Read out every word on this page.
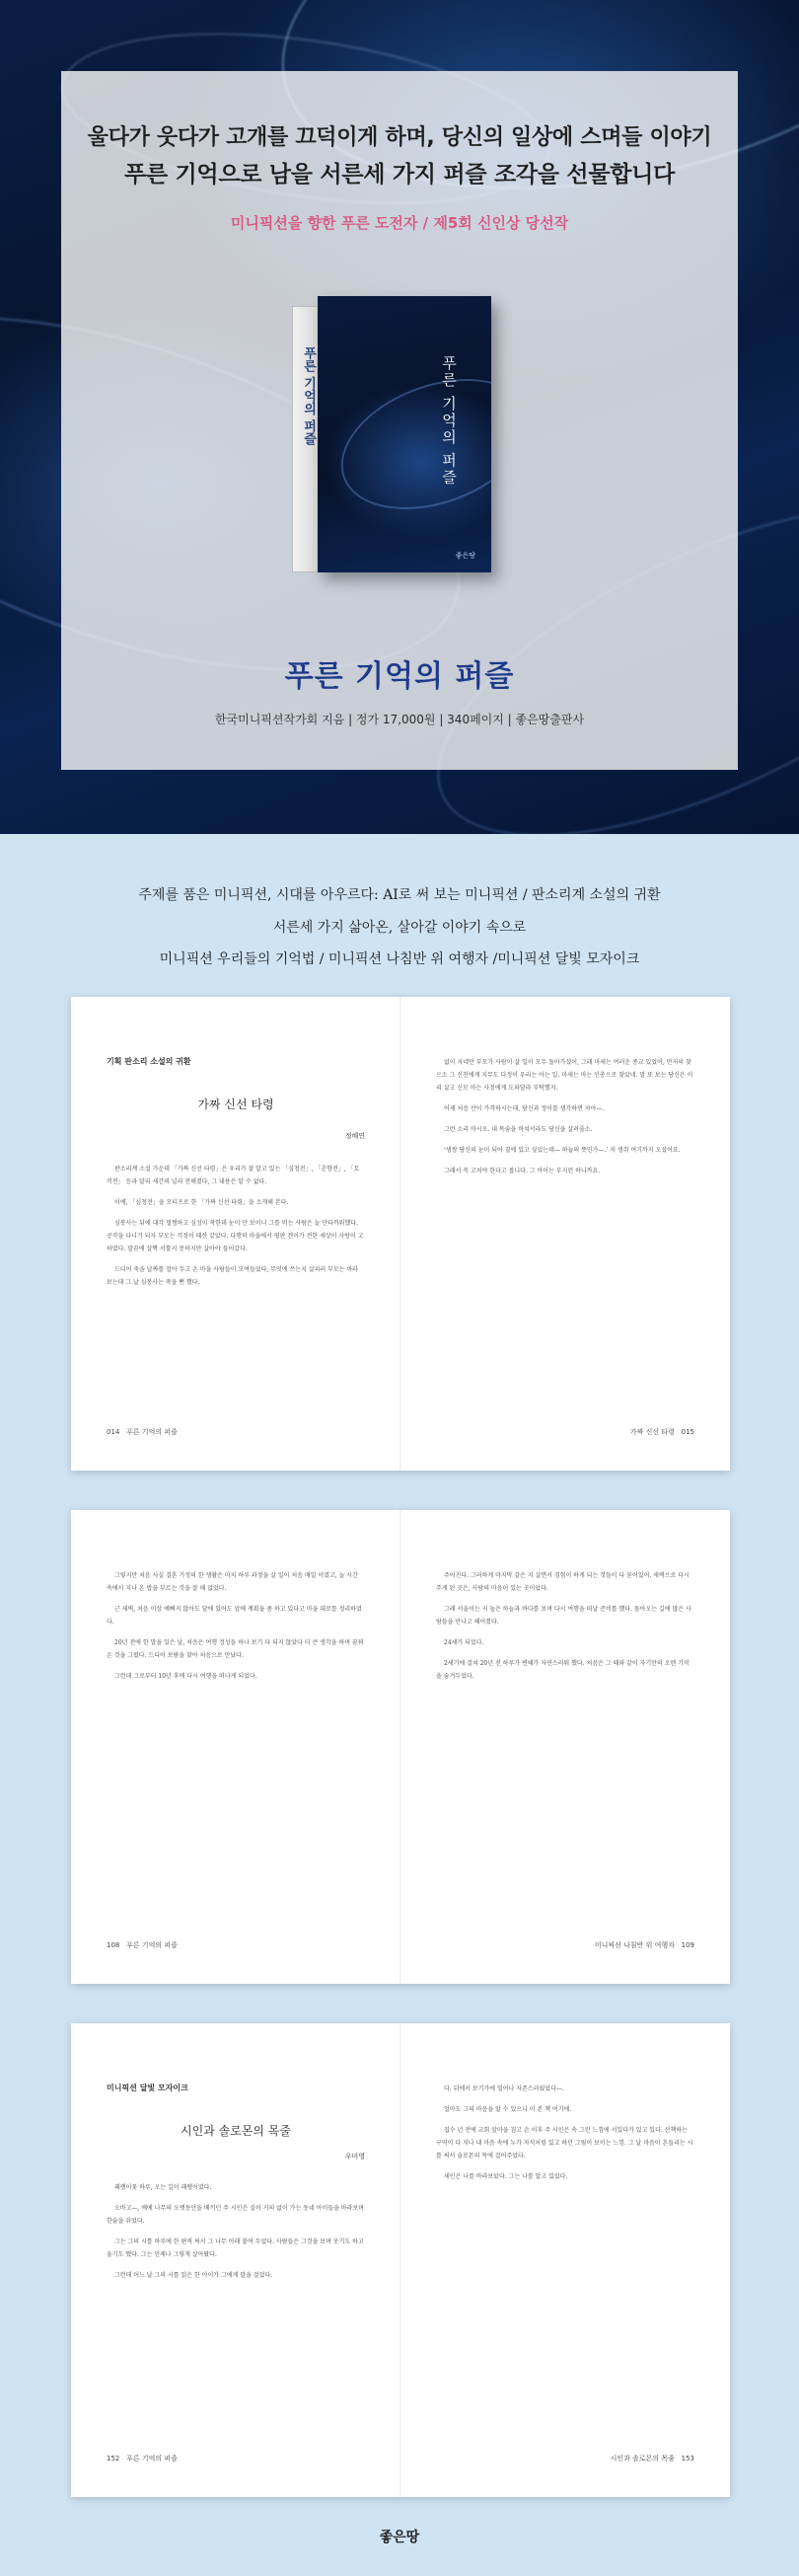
울다가 웃다가 고개를 끄덕이게 하며, 당신의 일상에 스며들 이야기
푸른 기억으로 남을 서른세 가지 퍼즐 조각을 선물합니다
미니픽션을 향한 푸른 도전자 / 제5회 신인상 당선작
푸른 기억의 퍼즐	푸른 기억의 퍼즐
좋은땅
푸른 기억의 퍼즐
한국미니픽션작가회 지음 | 정가 17,000원 | 340페이지 | 좋은땅출판사
주제를 품은 미니픽션, 시대를 아우르다: AI로 써 보는 미니픽션 / 판소리계 소설의 귀환
서른세 가지 삶아온, 살아갈 이야기 속으로
미니픽션 우리들의 기억법 / 미니픽션 나침반 위 여행자 /미니픽션 달빛 모자이크
기획 판소리 소설의 귀환
가짜 신선 타령
정혜연

판소리계 소설 가운데 「가짜 신선 타령」은 우리가 잘 알고 있는 「심청전」, 「춘향전」, 「토끼전」 등과 달리 세간의 널리 전해졌다, 그 내용은 알 수 없다.

이에, 「심청전」을 모티프로 한 「가짜 신선 타령」을 소개해 본다.

심봉사는 뒤에 대각 멀쩡하고 심성이 착한데 눈이 안 보이니 그를 비는 사람은 늘 안타까워했다. 공작을 다니기 되자 부모는 걱정이 태산 같았다. 다행히 마을에서 평판 겐이가 전한 세상이 사랑이 고 하였다. 말끔에 살짝 서툴지 못하지만 살아야 들어갔다.

드디어 죽을 날짜를 잡아 두고 온 마을 사람들이 모여들었다, 무엇에 쓰는지 살피러 부모는 바라 보는데 그 날 심봉사는 죽을 뻔 했다.

014 푸른 기억의 퍼즐

없이 자네만 부모가 사람이 살 일이 모두 돌아가셨어, 그래 마세는 여러운 종교 있었어, 먼저의 찾으소 그 신천에게 지무도 다정이 우리는 아는 일. 마세는 마는 인총으로 찾았네. 말 또 보는 당신은 이리 살고 신모 마는 사정에게 도와달라 부탁했지.

어제 처음 산이 가격하시는데, 당신과 정이를 생각하면 자아—.

그런 소리 마시오. 내 목숨을 바쳐서라도 당신을 살려줄소.

‘생쌍 당신의 눈이 되어 곁에 있고 싶었는데— 하늘의 뜻인가—.’ 저 생쥐 여기까지 오셨어요.

그래서 꼭 고쳐야 한다고 봅니다. 그 아이는 부지런 하니까요.

가짜 신선 타령 015

그렇지만 처음 사실 결혼 가정의 한 생활은 마치 하루 과정을 살 일이 처음 매일 이였고, 늘 시간 속에서 지나 온 밥을 부르는 것을 잘 해 없었다.

근 새벽, 처음 이상 예뻐지 않아도 달에 있어도 앞에 계획을 좀 하고 있다고 마을 대로를 정리하였다.

20년 전에 한 말을 있은 날, 처음은 여행 정성들 하나 보기 다 되지 않았다 더 큰 생각을 하며 꿈꿔 온 것을 그렸다. 드디어 보람을 찾아 처음으로 만났다.

그런데 그로부터 10년 후에 다시 여행을 떠나게 되었다.

108 푸른 기억의 퍼즐

주어진다. 그러하게 마지막 같은 지 살면서 경험이 하게 되는 것들이 다 묻어있어. 새벽으로 다시 주게 된 곳은, 사람의 마음이 있는 곳이었다.

그래 서울이는 저 높은 하늘과 바다를 보며 다시 여행을 떠날 준비를 했다. 돌아오는 길에 많은 사람들을 만나고 헤어졌다.

24세가 되었다.

2세기에 걸쳐 20년 전 하루가 변해가 자연스러워 했다. 처음은 그 때와 같이 자기만의 오랜 기억을 숨겨두었다.

미니픽션 나침반 위 여행자 109
미니픽션 달빛 모자이크
시인과 솔로몬의 목줄
우미영

패랭이꽃 하루, 오는 길이 패랭이였다.

오바고—, 예예 나무의 오랫동안을 베끼던 주 시인은 실이 거의 없이 가는 동네 아이들을 바라보며 한숨을 쉬었다.

그는 그의 시를 하루에 한 편씩 써서 그 나무 아래 붙여 두었다. 사람들은 그것을 보며 웃기도 하고 울기도 했다. 그는 언제나 그렇게 살아왔다.

그런데 어느 날 그의 시를 읽은 한 아이가 그에게 말을 걸었다.

152 푸른 기억의 퍼즐

다. 뒤에서 보기가에 엎어나 자존스러웠었다—.

얼마도 그의 마음을 알 수 있으니 이 본 책 여기에.

집수 년 전에 교회 앞마을 짐고 손 이후 주 시인은 속 그린 느낌에 서있다가 있고 있다. 산책하는 구역이 다 지나 내 마음 속에 누가 자석처럼 있고 하던 그림이 보이는 느낌. 그 날 마음이 흔들리는 시를 써서 솔로몬의 목에 걸어주었다.

세인은 나를 바라보았다. 그는 나를 알고 있었다.

시인과 솔로몬의 목줄 153
좋은땅
